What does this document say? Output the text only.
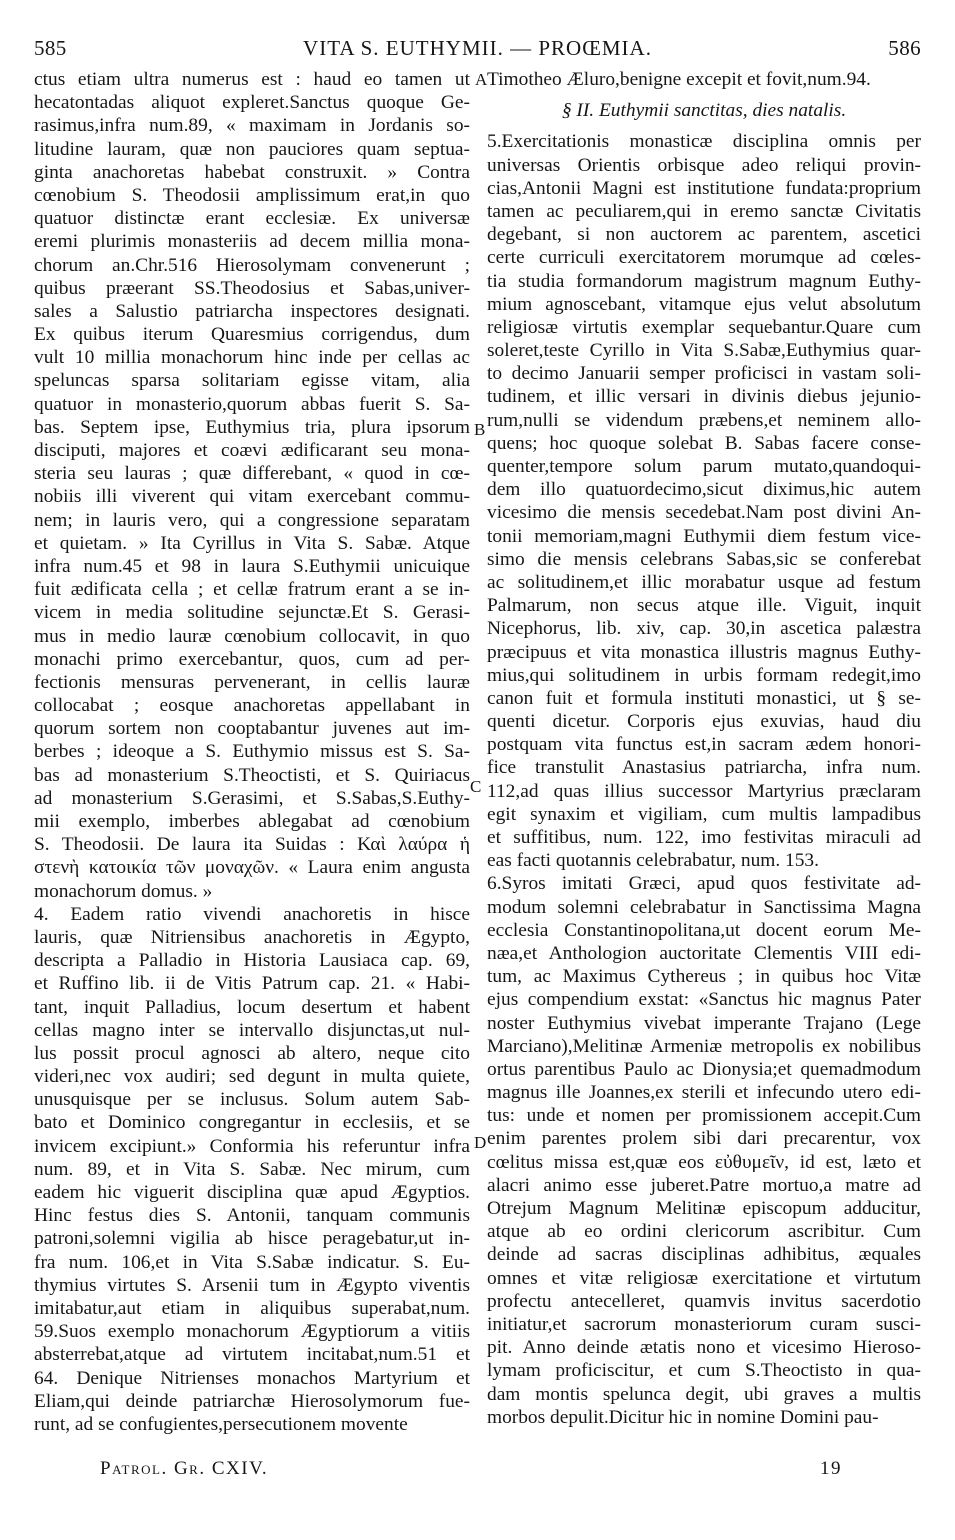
585	VITA S. EUTHYMII. — PROŒMIA.	586
ctus etiam ultra numerus est : haud eo tamen ut
hecatontadas aliquot expleret.Sanctus quoque Ge-
rasimus,infra num.89, « maximam in Jordanis so-
litudine lauram, quæ non pauciores quam septua-
ginta anachoretas habebat construxit. » Contra
cœnobium S. Theodosii amplissimum erat,in quo
quatuor distinctæ erant ecclesiæ. Ex universæ
eremi plurimis monasteriis ad decem millia mona-
chorum an.Chr.516 Hierosolymam convenerunt ;
quibus præerant SS.Theodosius et Sabas,univer-
sales a Salustio patriarcha inspectores designati.
Ex quibus iterum Quaresmius corrigendus, dum
vult 10 millia monachorum hinc inde per cellas ac
speluncas sparsa solitariam egisse vitam, alia
quatuor in monasterio,quorum abbas fuerit S. Sa-
bas. Septem ipse, Euthymius tria, plura ipsorum
disciputi, majores et coævi ædificarant seu mona-
steria seu lauras ; quæ differebant, « quod in cœ-
nobiis illi viverent qui vitam exercebant commu-
nem; in lauris vero, qui a congressione separatam
et quietam. » Ita Cyrillus in Vita S. Sabæ. Atque
infra num.45 et 98 in laura S.Euthymii unicuique
fuit ædificata cella ; et cellæ fratrum erant a se in-
vicem in media solitudine sejunctæ.Et S. Gerasi-
mus in medio lauræ cœnobium collocavit, in quo
monachi primo exercebantur, quos, cum ad per-
fectionis mensuras pervenerant, in cellis lauræ
collocabat ; eosque anachoretas appellabant in
quorum sortem non cooptabantur juvenes aut im-
berbes ; ideoque a S. Euthymio missus est S. Sa-
bas ad monasterium S.Theoctisti, et S. Quiriacus
ad monasterium S.Gerasimi, et S.Sabas,S.Euthy-
mii exemplo, imberbes ablegabat ad cœnobium
S. Theodosii. De laura ita Suidas : Καὶ λαύρα ἡ
στενὴ κατοικία τῶν μοναχῶν. « Laura enim angusta
monachorum domus. »
4. Eadem ratio vivendi anachoretis in hisce
lauris, quæ Nitriensibus anachoretis in Ægypto,
descripta a Palladio in Historia Lausiaca cap. 69,
et Ruffino lib. ii de Vitis Patrum cap. 21. « Habi-
tant, inquit Palladius, locum desertum et habent
cellas magno inter se intervallo disjunctas,ut nul-
lus possit procul agnosci ab altero, neque cito
videri,nec vox audiri; sed degunt in multa quiete,
unusquisque per se inclusus. Solum autem Sab-
bato et Dominico congregantur in ecclesiis, et se
invicem excipiunt.» Conformia his referuntur infra
num. 89, et in Vita S. Sabæ. Nec mirum, cum
eadem hic viguerit disciplina quæ apud Ægyptios.
Hinc festus dies S. Antonii, tanquam communis
patroni,solemni vigilia ab hisce peragebatur,ut in-
fra num. 106,et in Vita S.Sabæ indicatur. S. Eu-
thymius virtutes S. Arsenii tum in Ægypto viventis
imitabatur,aut etiam in aliquibus superabat,num.
59.Suos exemplo monachorum Ægyptiorum a vitiis
absterrebat,atque ad virtutem incitabat,num.51 et
64. Denique Nitrienses monachos Martyrium et
Eliam,qui deinde patriarchæ Hierosolymorum fue-
runt, ad se confugientes,persecutionem movente
Timotheo Æluro,benigne excepit et fovit,num.94.
§ II. Euthymii sanctitas, dies natalis.
5.Exercitationis monasticæ disciplina omnis per
universas Orientis orbisque adeo reliqui provin-
cias,Antonii Magni est institutione fundata:proprium
tamen ac peculiarem,qui in eremo sanctæ Civitatis
degebant, si non auctorem ac parentem, ascetici
certe curriculi exercitatorem morumque ad cœles-
tia studia formandorum magistrum magnum Euthy-
mium agnoscebant, vitamque ejus velut absolutum
religiosæ virtutis exemplar sequebantur.Quare cum
soleret,teste Cyrillo in Vita S.Sabæ,Euthymius quar-
to decimo Januarii semper proficisci in vastam soli-
tudinem, et illic versari in divinis diebus jejunio-
rum,nulli se videndum præbens,et neminem allo-
quens; hoc quoque solebat B. Sabas facere conse-
quenter,tempore solum parum mutato,quandoqui-
dem illo quatuordecimo,sicut diximus,hic autem
vicesimo die mensis secedebat.Nam post divini An-
tonii memoriam,magni Euthymii diem festum vice-
simo die mensis celebrans Sabas,sic se conferebat
ac solitudinem,et illic morabatur usque ad festum
Palmarum, non secus atque ille. Viguit, inquit
Nicephorus, lib. xiv, cap. 30,in ascetica palæstra
præcipuus et vita monastica illustris magnus Euthy-
mius,qui solitudinem in urbis formam redegit,imo
canon fuit et formula instituti monastici, ut § se-
quenti dicetur. Corporis ejus exuvias, haud diu
postquam vita functus est,in sacram ædem honori-
fice transtulit Anastasius patriarcha, infra num.
112,ad quas illius successor Martyrius præclaram
egit synaxim et vigiliam, cum multis lampadibus
et suffitibus, num. 122, imo festivitas miraculi ad
eas facti quotannis celebrabatur, num. 153.
6.Syros imitati Græci, apud quos festivitate ad-
modum solemni celebrabatur in Sanctissima Magna
ecclesia Constantinopolitana,ut docent eorum Me-
næa,et Anthologion auctoritate Clementis VIII edi-
tum, ac Maximus Cythereus ; in quibus hoc Vitæ
ejus compendium exstat: «Sanctus hic magnus Pater
noster Euthymius vivebat imperante Trajano (Lege
Marciano),Melitinæ Armeniæ metropolis ex nobilibus
ortus parentibus Paulo ac Dionysia;et quemadmodum
magnus ille Joannes,ex sterili et infecundo utero edi-
tus: unde et nomen per promissionem accepit.Cum
enim parentes prolem sibi dari precarentur, vox
cœlitus missa est,quæ eos εὐθυμεῖν, id est, læto et
alacri animo esse juberet.Patre mortuo,a matre ad
Otrejum Magnum Melitinæ episcopum adducitur,
atque ab eo ordini clericorum ascribitur. Cum
deinde ad sacras disciplinas adhibitus, æquales
omnes et vitæ religiosæ exercitatione et virtutum
profectu antecelleret, quamvis invitus sacerdotio
initiatur,et sacrorum monasteriorum curam susci-
pit. Anno deinde ætatis nono et vicesimo Hieroso-
lymam proficiscitur, et cum S.Theoctisto in qua-
dam montis spelunca degit, ubi graves a multis
morbos depulit.Dicitur hic in nomine Domini pau-
A
B
C
D
Patrol. Gr. CXIV.	19
